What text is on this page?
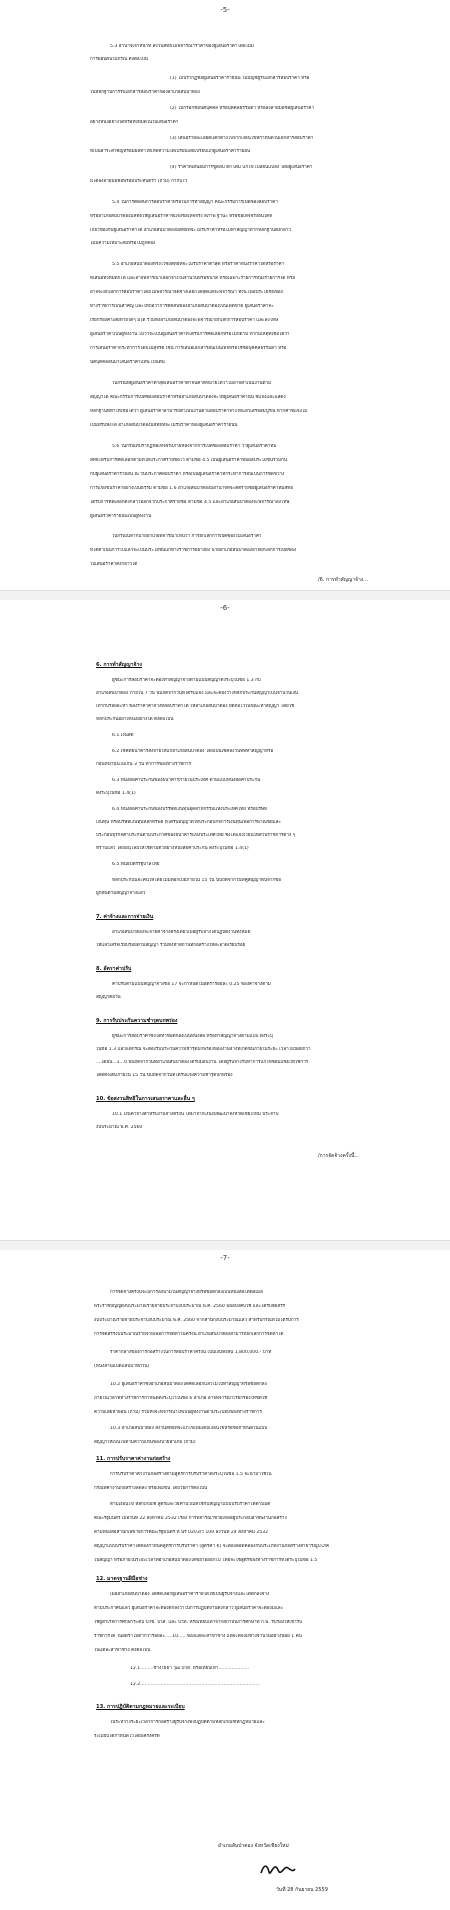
-5-
5.3 อำนาจเจ้าหน้าที่ สงวนสิทธิ์ไม่พิจารณาราคาของผู้เสนอราคาโดยไม่มี
การผ่อนผันในกรณี ดังต่อไปนี้
(1) ไม่ปรากฏชื่อผู้เสนอราคารายนั้น ในบัญชีผู้รับเอกสารสอบราคา หรือ
ในหลักฐานการรับเอกสารสอบราคาของอำเภอสันป่าตอง
(2) ไม่กรอกชื่อนิติบุคคล หรือบุคคลธรรมดา หรือลงลายมือชื่อผู้เสนอราคา
อย่างหนึ่งอย่างใดหรือทั้งหมดในใบเสนอราคา
(3) เสนอรายละเอียดแตกต่างไปจากเงื่อนไขที่กำหนดในเอกสารสอบราคา
ที่เป็นสาระสำคัญหรือมีผลทำให้เกิดความได้เปรียบเสียเปรียบแก่ผู้เสนอราคารายอื่น
(4) ราคาที่เสนอมีการขูดลบ ตก เติม แก้ไข เปลี่ยนแปลง โดยผู้เสนอราคา
มิได้ลงลายมือชื่อพร้อมประทับตรา (ถ้ามี) กำกับไว้
5.4 ในการตัดสินการสอบราคาหรือในการทำสัญญา คณะกรรมการเปิดซองสอบราคา
หรืออำเภอสันป่าตองมีสิทธิให้ผู้เสนอราคาชี้แจงข้อเท็จจริง สภาพ ฐานะ หรือข้อเท็จจริงอื่นใดที่
เกี่ยวข้องกับผู้เสนอราคาได้ อำเภอสันป่าตองมีสิทธิที่จะไม่รับราคาหรือไม่ทำสัญญาหากหลักฐานดังกล่าว
ไม่มีความเหมาะสมหรือไม่ถูกต้อง
5.5 อำเภอสันป่าตองทรงไว้ซึ่งสิทธิที่จะไม่รับราคาต่ำสุด หรือราคาหนึ่งราคาใดหรือราคา
ที่เสนอทั้งหมดก็ได้ และอาจพิจารณาเลือกจ้างในจำนวนหรือขนาด หรือเฉพาะรายการหนึ่งรายการใด หรือ
อาจจะยกเลิกการสอบราคาโดยไม่พิจารณาจัดจ้างเลยก็ได้สุดแต่จะพิจารณา ทั้งนี้ เพื่อประโยชน์ของ
ทางราชการเป็นสำคัญ และให้ถือว่าการตัดสินของอำเภอสันป่าตองเป็นเด็ดขาด ผู้เสนอราคาจะ
เรียกร้องค่าเสียหายใดๆ มิได้ รวมทั้งอำเภอสันป่าตองจะพิจารณายกเลิกการสอบราคา และลงโทษ
ผู้เสนอราคาเป็นผู้ทิ้งงาน ไม่ว่าจะเป็นผู้เสนอราคาที่ได้รับการคัดเลือกหรือไม่ก็ตาม หากมีเหตุที่เชื่อได้ว่า
การเสนอราคากระทำการโดยไม่สุจริต เช่น การเสนอเอกสารอันเป็นเท็จหรือใช้ชื่อบุคคลธรรมดา หรือ
นิติบุคคลอื่นมาเสนอราคาแทน เป็นต้น
ในกรณีที่ผู้เสนอราคาต่ำสุดเสนอราคาต่ำจนคาดหมายได้ว่าไม่อาจดำเนินงานตาม
สัญญาได้ คณะกรรมการเปิดซองสอบราคาหรืออำเภอสันป่าตองจะให้ผู้เสนอราคานั้น ชี้แจงและแสดง
หลักฐานที่ทำให้เชื่อได้ว่า ผู้เสนอราคาสามารถดำเนินงานตามสอบราคาจ้างให้แล้วเสร็จสมบูรณ์ หากคำชี้แจงไม่
เป็นที่รับฟังได้ อำเภอสันป่าตองมีสิทธิที่จะไม่รับราคาของผู้เสนอราคารายนั้น
5.6 ในกรณีที่ปรากฏข้อเท็จจริงภายหลังจากการเปิดซองสอบราคา ว่าผู้เสนอราคาที่มี
สิทธิได้รับการคัดเลือกตามที่ได้ประกาศรายชื่อไว้ ตามข้อ 4.5 เป็นผู้เสนอราคาที่มีผลประโยชน์ร่วมกัน
กับผู้เสนอราคารายอื่น ณ วันประกาศสอบราคา หรือเป็นผู้เสนอราคาที่กระทำการอันเป็นการขัดขวาง
การแข่งขันราคาอย่างเป็นธรรม ตามข้อ 1.6 อำเภอสันป่าตองมีอำนาจที่จะตัดรายชื่อผู้เสนอราคาที่มีสิทธิ
ได้รับการคัดเลือกดังกล่าวออกจากประกาศรายชื่อ ตามข้อ 4.5 และอำเภอสันป่าตองจะพิจารณาลงโทษ
ผู้เสนอราคารายนั้นเป็นผู้ทิ้งงาน
ในกรณีนี้หากนายอำเภอพิจารณาเห็นว่า การยกเลิกการเปิดซองใบเสนอราคา
ที่ได้ดำเนินการไปแล้วจะเป็นประโยชน์แก่ทางราชการอย่างยิ่ง นายอำเภอสันป่าตองอาจยกเลิกการเปิดซอง
ใบเสนอราคาดังกล่าวได้
/6. การทำสัญญาจ้าง...
-6-
6. การทำสัญญาจ้าง
ผู้ชนะการสอบราคาจะต้องทำสัญญาจ้างตามแบบสัญญาดังระบุในข้อ 1.3 กับ
อำเภอสันป่าตอง ภายใน 7 วัน นับถัดจากวันที่ได้รับแจ้ง และจะต้องวางหลักประกันสัญญาเป็นจำนวนเงิน
เท่ากับร้อยละห้า ของราคาค่าจ้างที่สอบราคาได้ ให้อำเภอสันป่าตอง ยึดถือไว้ในขณะทำสัญญา โดยใช้
หลักประกันอย่างหนึ่งอย่างใด ดังต่อไปนี้
6.1 เงินสด
6.2 เช็คที่ธนาคารสั่งจ่ายให้แก่อำเภอสันป่าตอง โดยเป็นเช็คลงวันที่ที่ทำสัญญาหรือ
ก่อนหน้านั้นไม่เกิน 3 วัน ทำการของทางราชการ
6.3 หนังสือค้ำประกันของธนาคารภายในประเทศ ตามแบบหนังสือค้ำประกัน
ดังระบุในข้อ 1.4(1)
6.4 หนังสือค้ำประกันของบรรษัทเงินทุนอุตสาหกรรมแห่งประเทศไทย หรือบริษัท
เงินทุน หรือบริษัทเงินทุนหลักทรัพย์ ที่ได้รับอนุญาตให้ประกอบกิจการเงินทุนเพื่อการพาณิชย์และ
ประกอบธุรกิจค้ำประกันตามประกาศของธนาคารแห่งประเทศไทย ซึ่งได้แจ้งเวียนให้ส่วนราชการต่าง ๆ
ทราบแล้ว โดยอนุโลมให้ใช้ตามตัวอย่างหนังสือค้ำประกัน ดังระบุในข้อ 1.4(1)
6.5 พันธบัตรรัฐบาลไทย
หลักประกันนี้จะคืนให้โดยไม่มีดอกเบี้ยภายใน 15 วัน นับถัดจากวันที่คู่สัญญาพ้นจากข้อ
ผูกพันตามสัญญาจ้างแล้ว
อำเภอสันป่าตองจะจ่ายค่าจ้างครั้งเดียวเมื่อผู้รับจ้างได้ปฏิบัติงานทั้งหมด
ให้แล้วเสร็จเรียบร้อยตามสัญญา รวมทั้งทำสถานที่ก่อสร้างให้สะอาดเรียบร้อย
ค่าปรับตามแบบสัญญาจ้างข้อ 17 จะกำหนดในอัตราร้อยละ 0.25 ของค่าจ้างตาม
สัญญาต่อวัน
ผู้ชนะการสอบราคาซึ่งได้ทำข้อตกลงเป็นหนังสือ หรือทำสัญญาจ้างตามแบบ ดังระบุ
ในข้อ 1.3 แล้วแต่กรณี จะต้องรับประกันความชำรุดบกพร่องของงานจ้างที่เกิดขึ้นภายในระยะ เวลาไม่น้อยกว่า
....เดือน...1...ปี นับถัดจากวันที่อำเภอสันป่าตองได้รับมอบงาน โดยผู้รับจ้างรีบทำการแก้ไขซ่อมแซมให้ใช้การ
ได้ดีดังเดิมภายใน 15 วัน นับถัดจากวันที่ได้รับแจ้งความชำรุดบกพร่อง
10.1 เงินค่าจ้างสำหรับงานจ้างครั้งนี้ ได้มาจากเงินงบพัฒนาจังหวัดเชียงใหม่ ประจำปี
งบประมาณ พ.ศ. 2560
7. ค่าจ้างและการจ่ายเงิน
8. อัตราค่าปรับ
9. การรับประกันความชำรุดบกพร่อง
10. ข้อสงวนสิทธิในการเสนอราคาและอื่น ๆ
/การจัดจ้างครั้งนี้...
-7-
การจัดจ้างครั้งนี้จะมีการลงนามในสัญญาจ้างหรือข้อตกลงเป็นหนังสือได้ต่อเมื่อ
พระราชบัญญัติงบประมาณรายจ่ายประจำปีงบประมาณ พ.ศ. 2560 มีผลบังคับใช้ และได้รับจัดสรร
งบประมาณรายจ่ายประจำปีงบประมาณ พ.ศ. 2560 จากสำนักงบประมาณแล้ว สำหรับกรณีที่ไม่ได้รับการ
การจัดสรรงบประมาณรายจ่ายเพื่อการจัดหาในครั้งนี้ อำเภอสันป่าตองสามารถยกเลิกการจัดหาได้
ราคากลางของการก่อสร้างในการสอบราคาครั้งนี้ เป็นเงินทั้งสิ้น 1,800,000.- บาท
(หนึ่งล้านแปดแสนบาทถ้วน)
10.2 ผู้เสนอราคาซึ่งอำเภอสันป่าตองได้คัดเลือกแล้วไม่ไปทำสัญญาหรือข้อตกลง
ภายในเวลาที่ทางราชการกำหนดดังระบุไว้ในข้อ 6 อำเภอ อาจพิจารณาเรียกร้องให้ชดใช้
ความเสียหายอื่น (ถ้ามี) รวมทั้งจะพิจารณาให้เป็นผู้ทิ้งงานตามระเบียบของทางราชการ
10.3 อำเภอสันป่าตอง สงวนสิทธิ์ที่จะแก้ไขเพิ่มเติมเงื่อนไขหรือข้อกำหนดในแบบ
สัญญาให้เป็นไปตามความเห็นของนายอำเภอ (ถ้ามี)
การปรับราคาค่างานก่อสร้างตามสูตรการปรับราคาดังระบุในข้อ 1.5 จะนำมาใช้ใน
กรณีที่ค่างานก่อสร้างลดลง หรือเพิ่มขึ้น โดยวิธีการต่อไปนี้
ตามเงื่อนไข หลักเกณฑ์ สูตรและวิธีคำนวณที่ใช้กับสัญญาแบบปรับราคาได้ตามมติ
คณะรัฐมนตรี เมื่อวันที่ 22 สิงหาคม 2532 เรื่อง การพิจารณาช่วยเหลือผู้ประกอบอาชีพงานก่อสร้าง
ตามหนังสือสำนักเลขาธิการคณะรัฐมนตรี ที่ นร 0203/ว 109 ลงวันที่ 24 สิงหาคม 2532
สัญญาแบบปรับราคาได้ต้องกำหนดสูตรการปรับราคา (สูตรค่า K) จะต้องสอดคล้องกับประเภทงานก่อสร้างสาธารณูปโภค
ในสัญญา หรือภายในระยะเวลาที่อำเภอสันป่าตองได้ขยายออกไป โดยจะใช้สูตรของทางราชการที่ได้ระบุในข้อ 1.5
เมื่ออำเภอสันป่าตอง ได้คัดเลือกผู้เสนอราคารายใดให้เป็นผู้รับจ้างและได้ตกลงจ้าง
ตามประกาศนี้แล้ว ผู้เสนอราคาจะต้องตกลงว่าในการปฏิบัติงานดังกล่าว ผู้เสนอราคาจะต้องมีและ
ใช้ผู้สำเร็จการศึกษาระดับ ปวช. ปวส. และ ปวท. หรือเทียบเท่าจากสถาบันการศึกษาที่ ก.พ. รับรองให้เข้ารับ
ราชการได้ ในอัตราไม่ต่ำกว่าร้อยละ.....10......ของแต่ละสาขาช่าง แต่จะต้องมีช่างจำนวนอย่างน้อย 1 คน
ในแต่ละสาขาช่าง ดังต่อไปนี้
12.1.........ช่างโยธา วุฒิ ปวส. หรือเทียบเท่า.....................
12.2..................................................................................
ในระหว่างระยะเวลาการก่อสร้างผู้รับจ้างพึงปฏิบัติตามหลักเกณฑ์ที่กฎหมายและ
ระเบียบได้กำหนดไว้โดยเคร่งครัด
11. การปรับราคาค่างานก่อสร้าง
12. มาตรฐานฝีมือช่าง
13. การปฏิบัติตามกฎหมายและระเบียบ
อำเภอสันป่าตอง จังหวัดเชียงใหม่
วันที่ 28 กันยายน 2559
